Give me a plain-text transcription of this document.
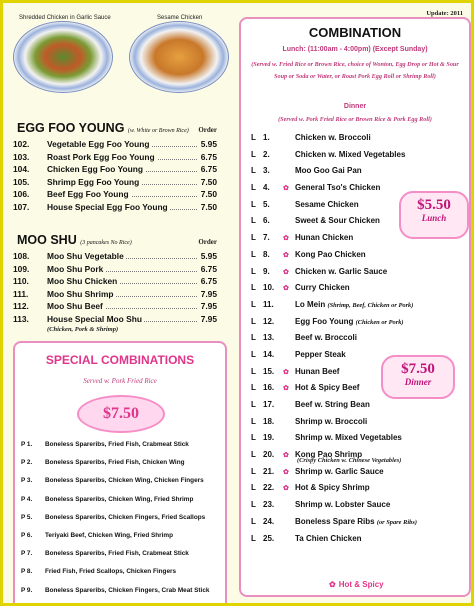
Update: 2011
Shredded Chicken in Garlic Sauce	Sesame Chicken
EGG FOO YOUNG (w. White or Brown Rice) Order
102. Vegetable Egg Foo Young	5.95
103. Roast Pork Egg Foo Young	6.75
104. Chicken Egg Foo Young	6.75
105. Shrimp Egg Foo Young	7.50
106. Beef Egg Foo Young	7.50
107. House Special Egg Foo Young	7.50
MOO SHU (3 pancakes No Rice)	Order
108. Moo Shu Vegetable	5.95
109. Moo Shu Pork	6.75
110. Moo Shu Chicken	6.75
111. Moo Shu Shrimp	7.95
112. Moo Shu Beef	7.95
113. House Special Moo Shu	7.95
(Chicken, Pork & Shrimp)
SPECIAL COMBINATIONS
Served w. Pork Fried Rice
$7.50
P 1. Boneless Spareribs, Fried Fish, Crabmeat Stick
P 2. Boneless Spareribs, Fried Fish, Chicken Wing
P 3. Boneless Spareribs, Chicken Wing, Chicken Fingers
P 4. Boneless Spareribs, Chicken Wing, Fried Shrimp
P 5. Boneless Spareribs, Chicken Fingers, Fried Scallops
P 6. Teriyaki Beef, Chicken Wing, Fried Shrimp
P 7. Boneless Spareribs, Fried Fish, Crabmeat Stick
P 8. Fried Fish, Fried Scallops, Chicken Fingers
P 9. Boneless Spareribs, Chicken Fingers, Crab Meat Stick
COMBINATION
Lunch: (11:00am - 4:00pm) (Except Sunday)
(Served w. Fried Rice or Brown Rice, choice of Wonton, Egg Drop or Hot & Sour Soup or Soda or Water, or Roast Pork Egg Roll or Shrimp Roll)
Dinner
(Served w. Pork Fried Rice or Brown Rice & Pork Egg Roll)
L 1.	Chicken w. Broccoli
L 2.	Chicken w. Mixed Vegetables
L 3.	Moo Goo Gai Pan
L 4. ✿ General Tso's Chicken
L 5.	Sesame Chicken
L 6.	Sweet & Sour Chicken
L 7. ✿ Hunan Chicken
L 8. ✿ Kong Pao Chicken
L 9. ✿ Chicken w. Garlic Sauce
L 10. ✿ Curry Chicken
L 11.	Lo Mein (Shrimp, Beef, Chicken or Pork)
L 12.	Egg Foo Young (Chicken or Pork)
L 13.	Beef w. Broccoli
L 14.	Pepper Steak
L 15. ✿ Hunan Beef
L 16. ✿ Hot & Spicy Beef
L 17.	Beef w. String Bean
L 18.	Shrimp w. Broccoli
L 19.	Shrimp w. Mixed Vegetables
L 20. ✿ Kong Pao Shrimp
L 21. ✿ Shrimp w. Garlic Sauce
L 22. ✿ Hot & Spicy Shrimp
L 23.	Shrimp w. Lobster Sauce
L 24.	Boneless Spare Ribs (or Spare Ribs)
L 25.	Ta Chien Chicken
(Crispy Chicken w. Chinese Vegetables)
$5.50
Lunch
$7.50
Dinner
✿ Hot & Spicy
